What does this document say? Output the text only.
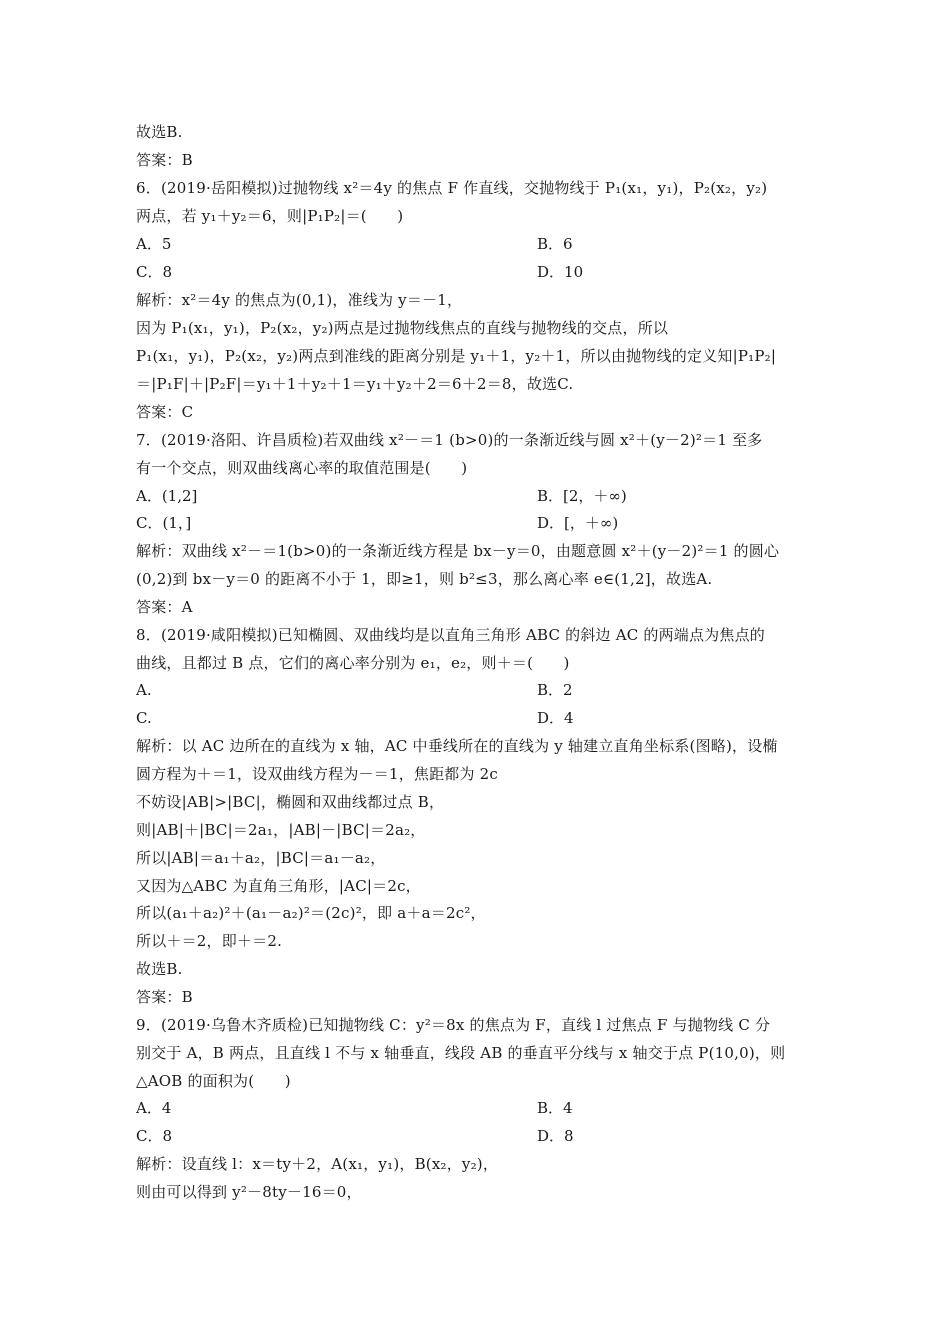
故选B.
答案：B
6．(2019·岳阳模拟)过抛物线 x²＝4y 的焦点 F 作直线，交抛物线于 P₁(x₁，y₁)，P₂(x₂，y₂)
两点，若 y₁＋y₂＝6，则|P₁P₂|＝(　　)
A．5	B．6
C．8	D．10
解析：x²＝4y 的焦点为(0,1)，准线为 y＝－1，
因为 P₁(x₁，y₁)，P₂(x₂，y₂)两点是过抛物线焦点的直线与抛物线的交点，所以
P₁(x₁，y₁)，P₂(x₂，y₂)两点到准线的距离分别是 y₁＋1，y₂＋1，所以由抛物线的定义知|P₁P₂|
＝|P₁F|＋|P₂F|＝y₁＋1＋y₂＋1＝y₁＋y₂＋2＝6＋2＝8，故选C.
答案：C
7．(2019·洛阳、许昌质检)若双曲线 x²－＝1 (b>0)的一条渐近线与圆 x²＋(y－2)²＝1 至多
有一个交点，则双曲线离心率的取值范围是(　　)
A．(1,2]	B．[2，＋∞)
C．(1，]	D．[，＋∞)
解析：双曲线 x²－＝1(b>0)的一条渐近线方程是 bx－y＝0，由题意圆 x²＋(y－2)²＝1 的圆心
(0,2)到 bx－y＝0 的距离不小于 1，即≥1，则 b²≤3，那么离心率 e∈(1,2]，故选A.
答案：A
8．(2019·咸阳模拟)已知椭圆、双曲线均是以直角三角形 ABC 的斜边 AC 的两端点为焦点的
曲线，且都过 B 点，它们的离心率分别为 e₁，e₂，则＋＝(　　)
A.	B．2
C.	D．4
解析：以 AC 边所在的直线为 x 轴，AC 中垂线所在的直线为 y 轴建立直角坐标系(图略)，设椭
圆方程为＋＝1，设双曲线方程为－＝1，焦距都为 2c
不妨设|AB|>|BC|，椭圆和双曲线都过点 B，
则|AB|＋|BC|＝2a₁，|AB|－|BC|＝2a₂，
所以|AB|＝a₁＋a₂，|BC|＝a₁－a₂，
又因为△ABC 为直角三角形，|AC|＝2c，
所以(a₁＋a₂)²＋(a₁－a₂)²＝(2c)²，即 a＋a＝2c²，
所以＋＝2，即＋＝2.
故选B.
答案：B
9．(2019·乌鲁木齐质检)已知抛物线 C：y²＝8x 的焦点为 F，直线 l 过焦点 F 与抛物线 C 分
别交于 A，B 两点，且直线 l 不与 x 轴垂直，线段 AB 的垂直平分线与 x 轴交于点 P(10,0)，则
△AOB 的面积为(　　)
A．4	B．4
C．8	D．8
解析：设直线 l：x＝ty＋2，A(x₁，y₁)，B(x₂，y₂)，
则由可以得到 y²－8ty－16＝0，
